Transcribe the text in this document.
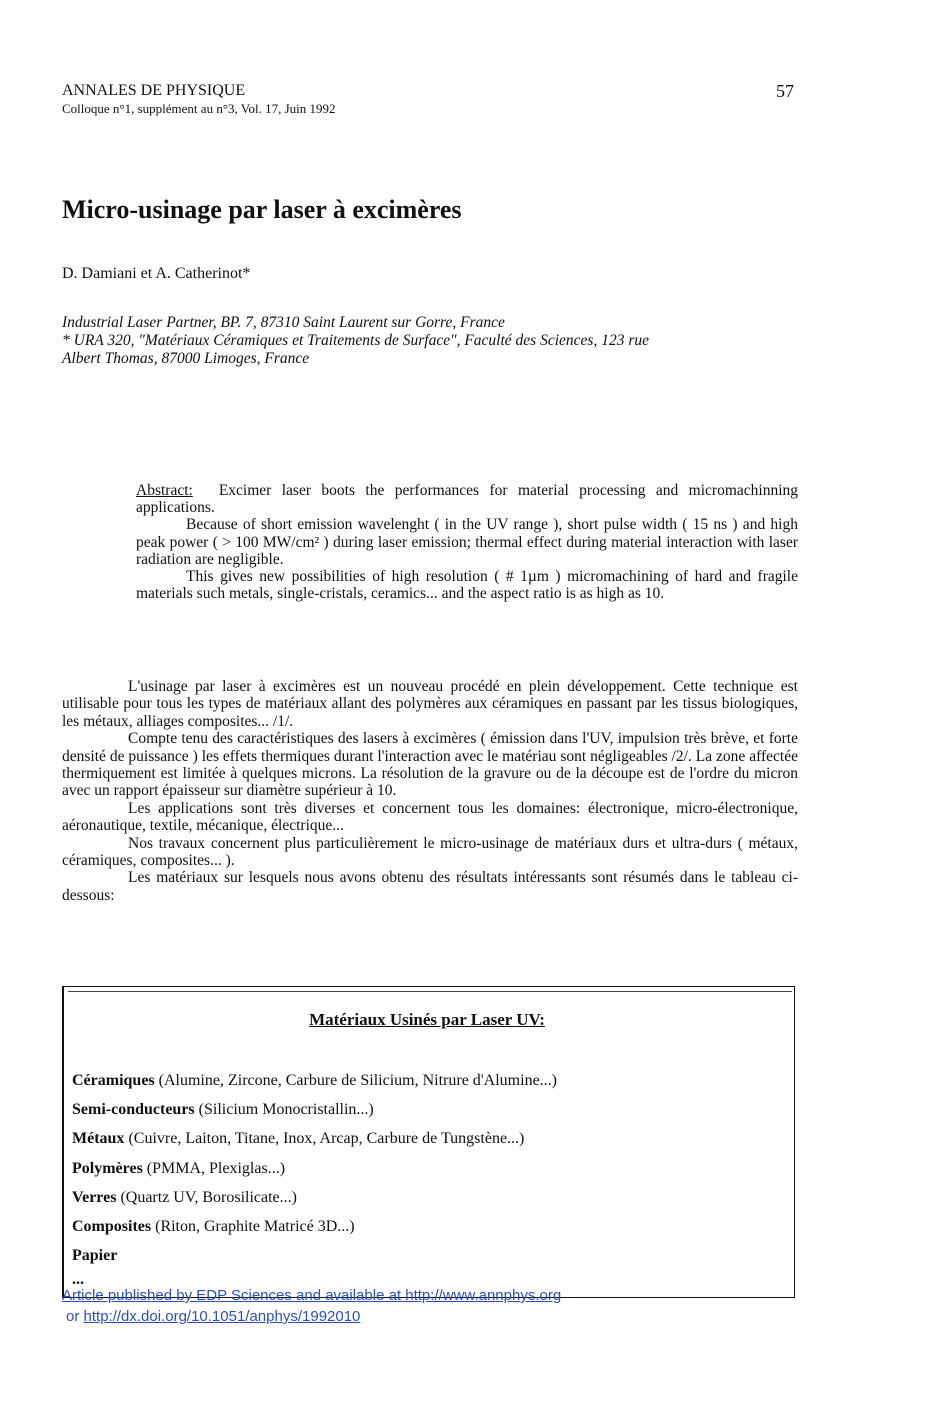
ANNALES DE PHYSIQUE
Colloque n°1, supplément au n°3, Vol. 17, Juin 1992
57
Micro-usinage par laser à excimères
D. Damiani et A. Catherinot*
Industrial Laser Partner, BP. 7, 87310 Saint Laurent sur Gorre, France
* URA 320, "Matériaux Céramiques et Traitements de Surface", Faculté des Sciences, 123 rue
Albert Thomas, 87000 Limoges, France

Abstract: Excimer laser boots the performances for material processing and micromachinning applications.

Because of short emission wavelenght ( in the UV range ), short pulse width ( 15 ns ) and high peak power ( > 100 MW/cm² ) during laser emission; thermal effect during material interaction with laser radiation are negligible.

This gives new possibilities of high resolution ( # 1µm ) micromachining of hard and fragile materials such metals, single-cristals, ceramics... and the aspect ratio is as high as 10.

L'usinage par laser à excimères est un nouveau procédé en plein développement. Cette technique est utilisable pour tous les types de matériaux allant des polymères aux céramiques en passant par les tissus biologiques, les métaux, alliages composites... /1/.

Compte tenu des caractéristiques des lasers à excimères ( émission dans l'UV, impulsion très brève, et forte densité de puissance ) les effets thermiques durant l'interaction avec le matériau sont négligeables /2/. La zone affectée thermiquement est limitée à quelques microns. La résolution de la gravure ou de la découpe est de l'ordre du micron avec un rapport épaisseur sur diamètre supérieur à 10.

Les applications sont très diverses et concernent tous les domaines: électronique, micro-électronique, aéronautique, textile, mécanique, électrique...

Nos travaux concernent plus particulièrement le micro-usinage de matériaux durs et ultra-durs ( métaux, céramiques, composites... ).

Les matériaux sur lesquels nous avons obtenu des résultats intéressants sont résumés dans le tableau ci-dessous:

Matériaux Usinés par Laser UV:
Céramiques (Alumine, Zircone, Carbure de Silicium, Nitrure d'Alumine...)
Semi-conducteurs (Silicium Monocristallin...)
Métaux (Cuivre, Laiton, Titane, Inox, Arcap, Carbure de Tungstène...)
Polymères (PMMA, Plexiglas...)
Verres (Quartz UV, Borosilicate...)
Composites (Riton, Graphite Matricé 3D...)
Papier
...
Article published by EDP Sciences and available at http://www.annphys.org
or http://dx.doi.org/10.1051/anphys/1992010
